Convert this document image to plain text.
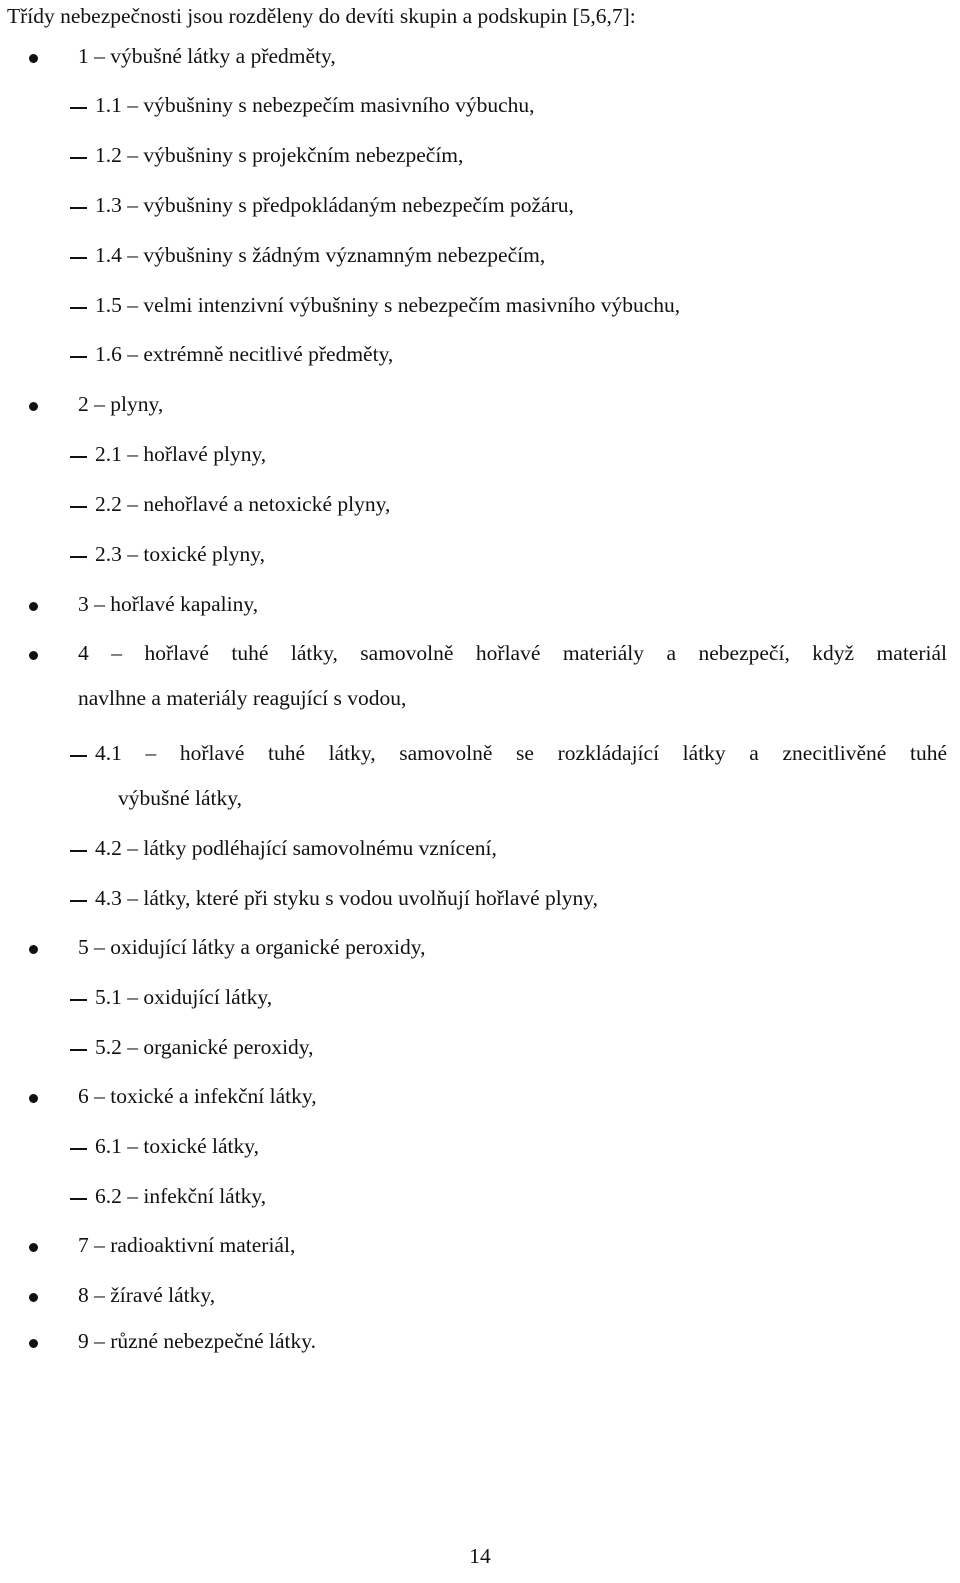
Třídy nebezpečnosti jsou rozděleny do devíti skupin a podskupin [5,6,7]:
1 – výbušné látky a předměty,
1.1 – výbušniny s nebezpečím masivního výbuchu,
1.2 – výbušniny s projekčním nebezpečím,
1.3 – výbušniny s předpokládaným nebezpečím požáru,
1.4 – výbušniny s žádným významným nebezpečím,
1.5 – velmi intenzivní výbušniny s nebezpečím masivního výbuchu,
1.6 – extrémně necitlivé předměty,
2 – plyny,
2.1 – hořlavé plyny,
2.2 – nehořlavé a netoxické plyny,
2.3 – toxické plyny,
3 – hořlavé kapaliny,
4 – hořlavé tuhé látky, samovolně hořlavé materiály a nebezpečí, když materiál
navlhne a materiály reagující s vodou,
4.1 – hořlavé tuhé látky, samovolně se rozkládající látky a znecitlivěné tuhé
výbušné látky,
4.2 – látky podléhající samovolnému vznícení,
4.3 – látky, které při styku s vodou uvolňují hořlavé plyny,
5 – oxidující látky a organické peroxidy,
5.1 – oxidující látky,
5.2 – organické peroxidy,
6 – toxické a infekční látky,
6.1 – toxické látky,
6.2 – infekční látky,
7 – radioaktivní materiál,
8 – žíravé látky,
9 – různé nebezpečné látky.
14
